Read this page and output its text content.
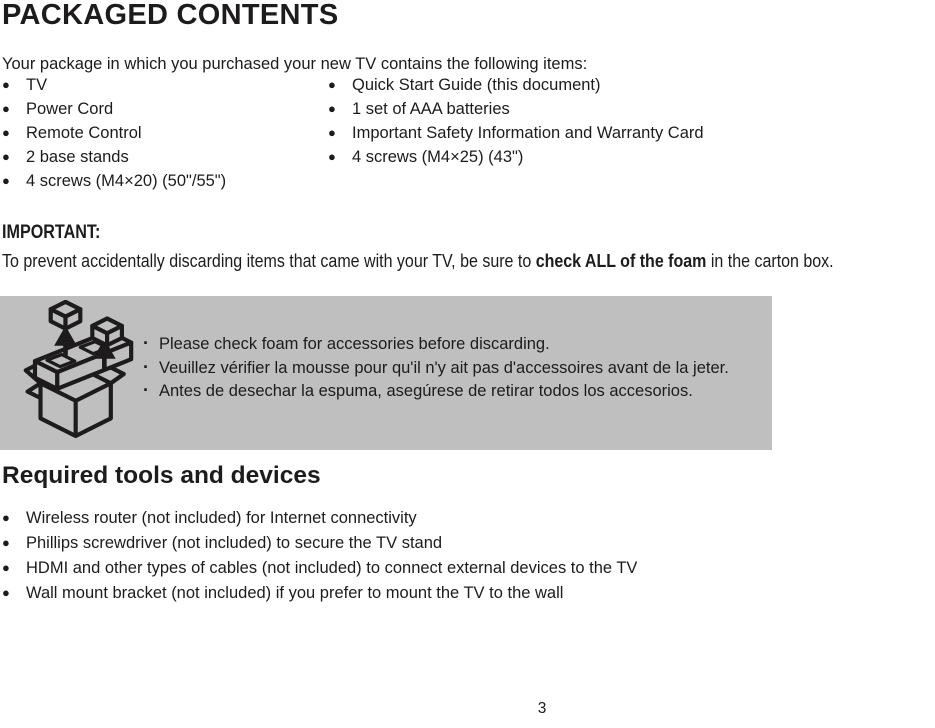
PACKAGED CONTENTS

Your package in which you purchased your new TV contains the following items:

● TV
● Power Cord
● Remote Control
● 2 base stands
● 4 screws (M4×20) (50"/55")
● Quick Start Guide (this document)
● 1 set of AAA batteries
● Important Safety Information and Warranty Card
● 4 screws (M4×25) (43")
IMPORTANT:

To prevent accidentally discarding items that came with your TV, be sure to check ALL of the foam in the carton box.

· Please check foam for accessories before discarding.
· Veuillez vérifier la mousse pour qu'il n'y ait pas d'accessoires avant de la jeter.
· Antes de desechar la espuma, asegúrese de retirar todos los accesorios.
Required tools and devices
● Wireless router (not included) for Internet connectivity
● Phillips screwdriver (not included) to secure the TV stand
● HDMI and other types of cables (not included) to connect external devices to the TV
● Wall mount bracket (not included) if you prefer to mount the TV to the wall
3
